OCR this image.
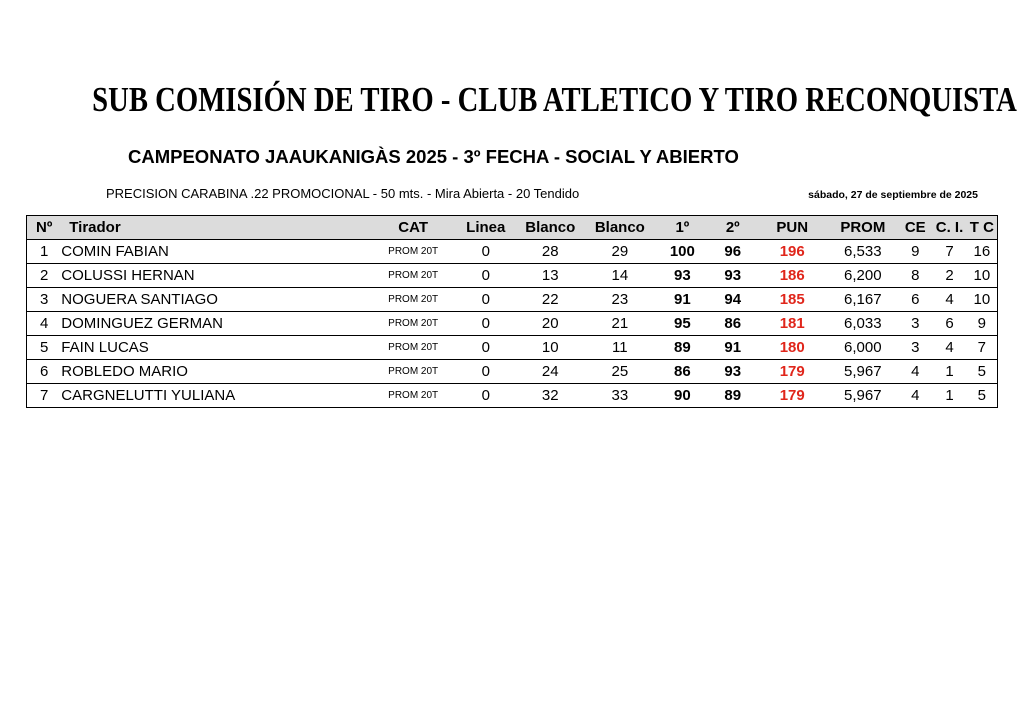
SUB COMISIÓN DE TIRO - CLUB ATLETICO Y TIRO RECONQUISTA
CAMPEONATO JAAUKANIGÀS 2025 - 3º FECHA - SOCIAL Y ABIERTO
PRECISION CARABINA .22 PROMOCIONAL - 50 mts. - Mira Abierta - 20 Tendido	sábado, 27 de septiembre de 2025
Nº	Tirador	CAT	Linea	Blanco	Blanco	1º	2º	PUN	PROM	CE	C. I.	T C
1	COMIN FABIAN	PROM 20T	0	28	29	100	96	196	6,533	9	7	16
2	COLUSSI HERNAN	PROM 20T	0	13	14	93	93	186	6,200	8	2	10
3	NOGUERA SANTIAGO	PROM 20T	0	22	23	91	94	185	6,167	6	4	10
4	DOMINGUEZ GERMAN	PROM 20T	0	20	21	95	86	181	6,033	3	6	9
5	FAIN LUCAS	PROM 20T	0	10	11	89	91	180	6,000	3	4	7
6	ROBLEDO MARIO	PROM 20T	0	24	25	86	93	179	5,967	4	1	5
7	CARGNELUTTI YULIANA	PROM 20T	0	32	33	90	89	179	5,967	4	1	5
